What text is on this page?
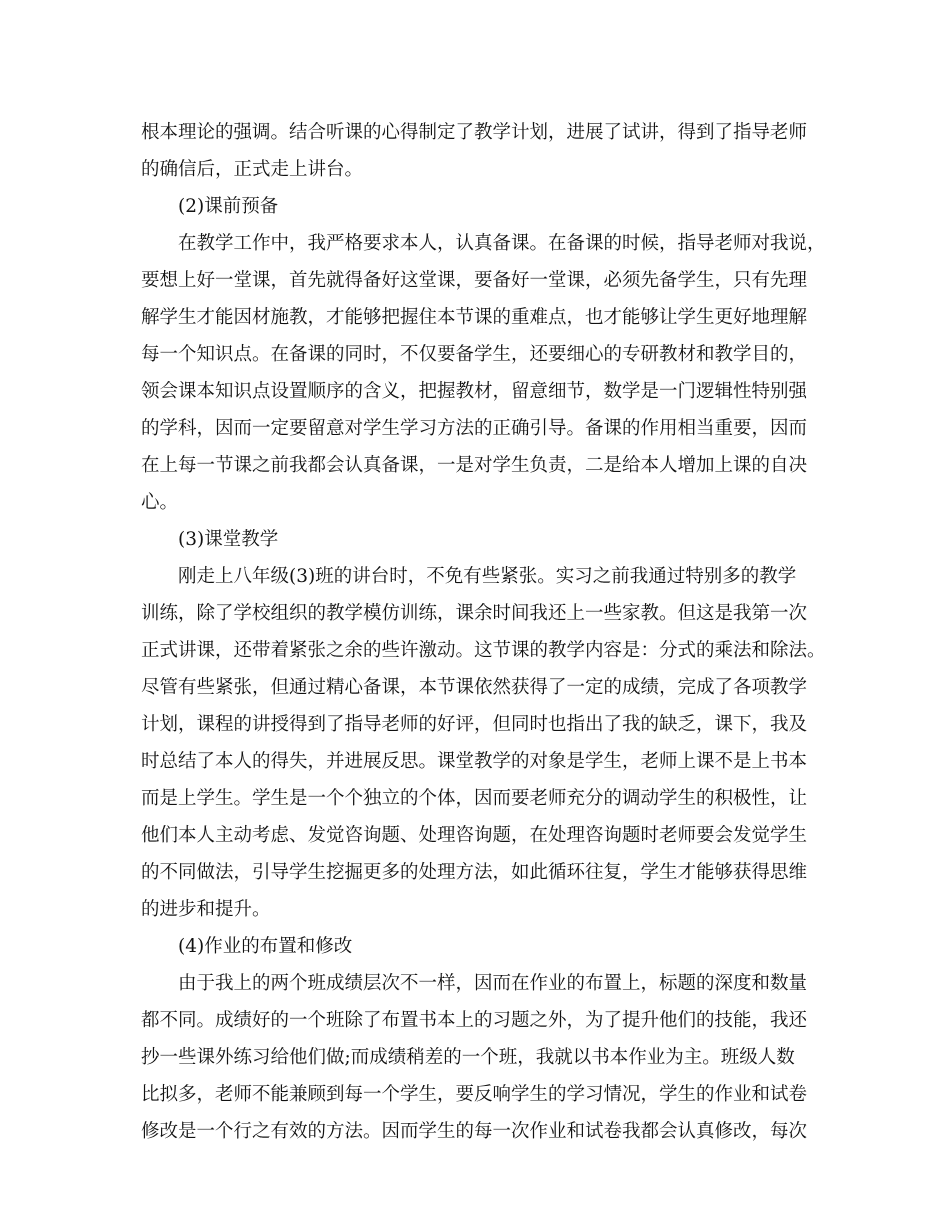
根本理论的强调。结合听课的心得制定了教学计划，进展了试讲，得到了指导老师
的确信后，正式走上讲台。
(2)课前预备
在教学工作中，我严格要求本人，认真备课。在备课的时候，指导老师对我说，
要想上好一堂课，首先就得备好这堂课，要备好一堂课，必须先备学生，只有先理
解学生才能因材施教，才能够把握住本节课的重难点，也才能够让学生更好地理解
每一个知识点。在备课的同时，不仅要备学生，还要细心的专研教材和教学目的，
领会课本知识点设置顺序的含义，把握教材，留意细节，数学是一门逻辑性特别强
的学科，因而一定要留意对学生学习方法的正确引导。备课的作用相当重要，因而
在上每一节课之前我都会认真备课，一是对学生负责，二是给本人增加上课的自决
心。
(3)课堂教学
刚走上八年级(3)班的讲台时，不免有些紧张。实习之前我通过特别多的教学
训练，除了学校组织的教学模仿训练，课余时间我还上一些家教。但这是我第一次
正式讲课，还带着紧张之余的些许激动。这节课的教学内容是：分式的乘法和除法。
尽管有些紧张，但通过精心备课，本节课依然获得了一定的成绩，完成了各项教学
计划，课程的讲授得到了指导老师的好评，但同时也指出了我的缺乏，课下，我及
时总结了本人的得失，并进展反思。课堂教学的对象是学生，老师上课不是上书本
而是上学生。学生是一个个独立的个体，因而要老师充分的调动学生的积极性，让
他们本人主动考虑、发觉咨询题、处理咨询题，在处理咨询题时老师要会发觉学生
的不同做法，引导学生挖掘更多的处理方法，如此循环往复，学生才能够获得思维
的进步和提升。
(4)作业的布置和修改
由于我上的两个班成绩层次不一样，因而在作业的布置上，标题的深度和数量
都不同。成绩好的一个班除了布置书本上的习题之外，为了提升他们的技能，我还
抄一些课外练习给他们做;而成绩稍差的一个班，我就以书本作业为主。班级人数
比拟多，老师不能兼顾到每一个学生，要反响学生的学习情况，学生的作业和试卷
修改是一个行之有效的方法。因而学生的每一次作业和试卷我都会认真修改，每次
